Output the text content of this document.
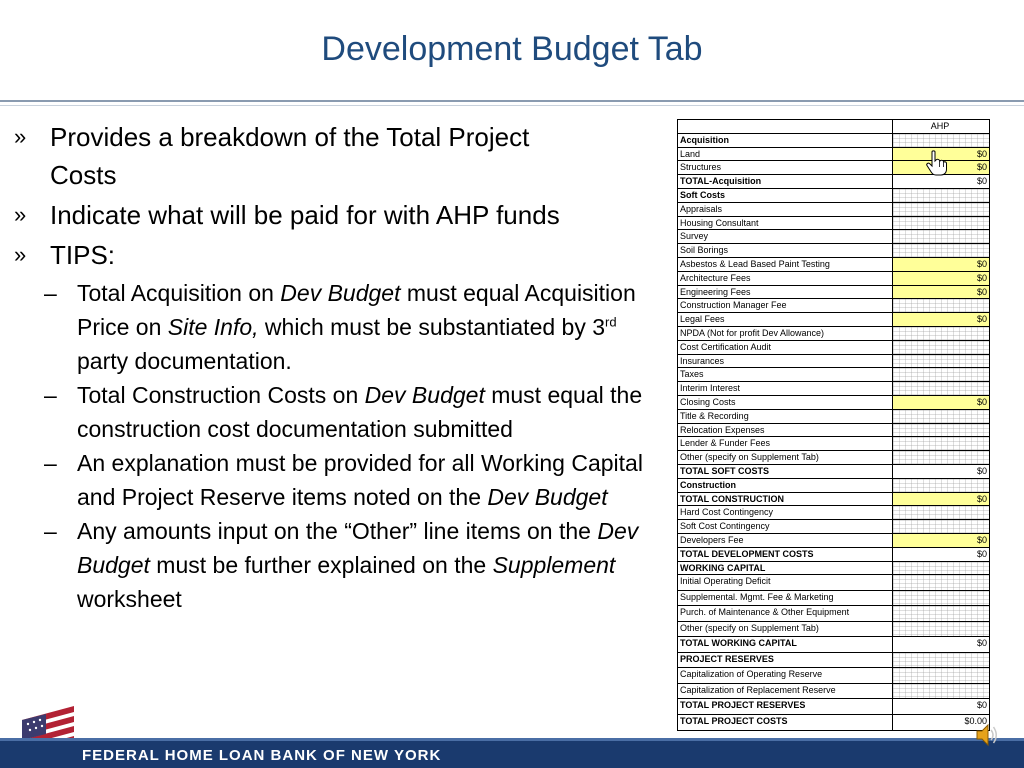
Development Budget Tab
» Provides a breakdown of the Total Project Costs
» Indicate what will be paid for with AHP funds
» TIPS:
– Total Acquisition on Dev Budget must equal Acquisition Price on Site Info, which must be substantiated by 3rd party documentation.
– Total Construction Costs on Dev Budget must equal the construction cost documentation submitted
– An explanation must be provided for all Working Capital and Project Reserve items noted on the Dev Budget
– Any amounts input on the “Other” line items on the Dev Budget must be further explained on the Supplement worksheet
AHP
Acquisition
Land	$0
Structures	$0
TOTAL-Acquisition	$0
Soft Costs
Appraisals
Housing Consultant
Survey
Soil Borings
Asbestos & Lead Based Paint Testing	$0
Architecture Fees	$0
Engineering Fees	$0
Construction Manager Fee
Legal Fees	$0
NPDA (Not for profit Dev Allowance)
Cost Certification Audit
Insurances
Taxes
Interim Interest
Closing Costs	$0
Title & Recording
Relocation Expenses
Lender & Funder Fees
Other (specify on Supplement Tab)
TOTAL SOFT COSTS	$0
Construction
TOTAL CONSTRUCTION	$0
Hard Cost Contingency
Soft Cost Contingency
Developers Fee	$0
TOTAL DEVELOPMENT COSTS	$0
WORKING CAPITAL
Initial Operating Deficit
Supplemental. Mgmt. Fee & Marketing
Purch. of Maintenance & Other Equipment
Other (specify on Supplement Tab)
TOTAL WORKING CAPITAL	$0
PROJECT RESERVES
Capitalization of Operating Reserve
Capitalization of Replacement Reserve
TOTAL PROJECT RESERVES	$0
TOTAL PROJECT COSTS	$0.00
FEDERAL HOME LOAN BANK OF NEW YORK
